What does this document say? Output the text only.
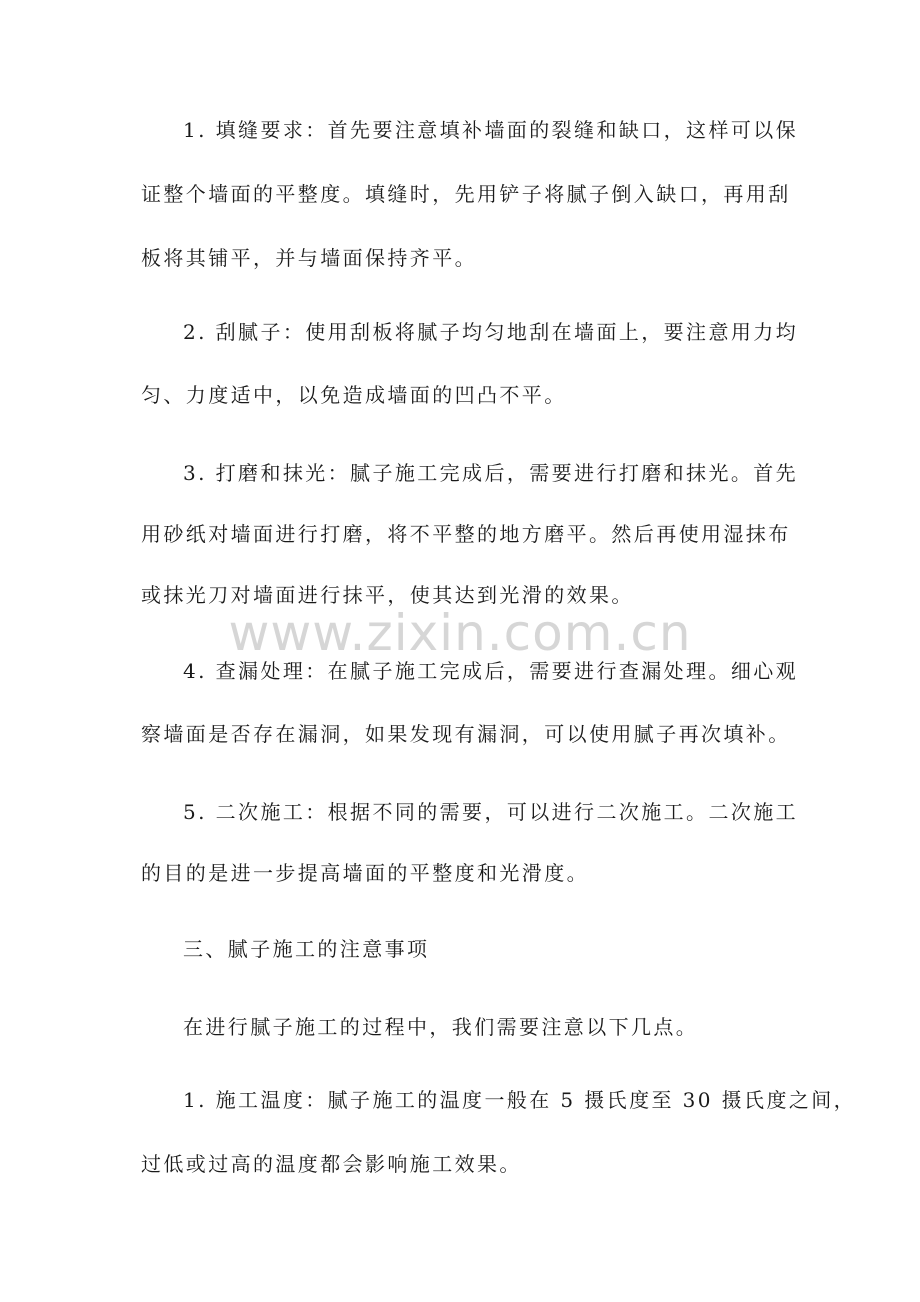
1. 填缝要求：首先要注意填补墙面的裂缝和缺口，这样可以保
证整个墙面的平整度。填缝时，先用铲子将腻子倒入缺口，再用刮
板将其铺平，并与墙面保持齐平。
2. 刮腻子：使用刮板将腻子均匀地刮在墙面上，要注意用力均
匀、力度适中，以免造成墙面的凹凸不平。
3. 打磨和抹光：腻子施工完成后，需要进行打磨和抹光。首先
用砂纸对墙面进行打磨，将不平整的地方磨平。然后再使用湿抹布
或抹光刀对墙面进行抹平，使其达到光滑的效果。
4. 查漏处理：在腻子施工完成后，需要进行查漏处理。细心观
察墙面是否存在漏洞，如果发现有漏洞，可以使用腻子再次填补。
5. 二次施工：根据不同的需要，可以进行二次施工。二次施工
的目的是进一步提高墙面的平整度和光滑度。
三、腻子施工的注意事项
在进行腻子施工的过程中，我们需要注意以下几点。
1. 施工温度：腻子施工的温度一般在 5 摄氏度至 30 摄氏度之间，
过低或过高的温度都会影响施工效果。
www.zixin.com.cn
